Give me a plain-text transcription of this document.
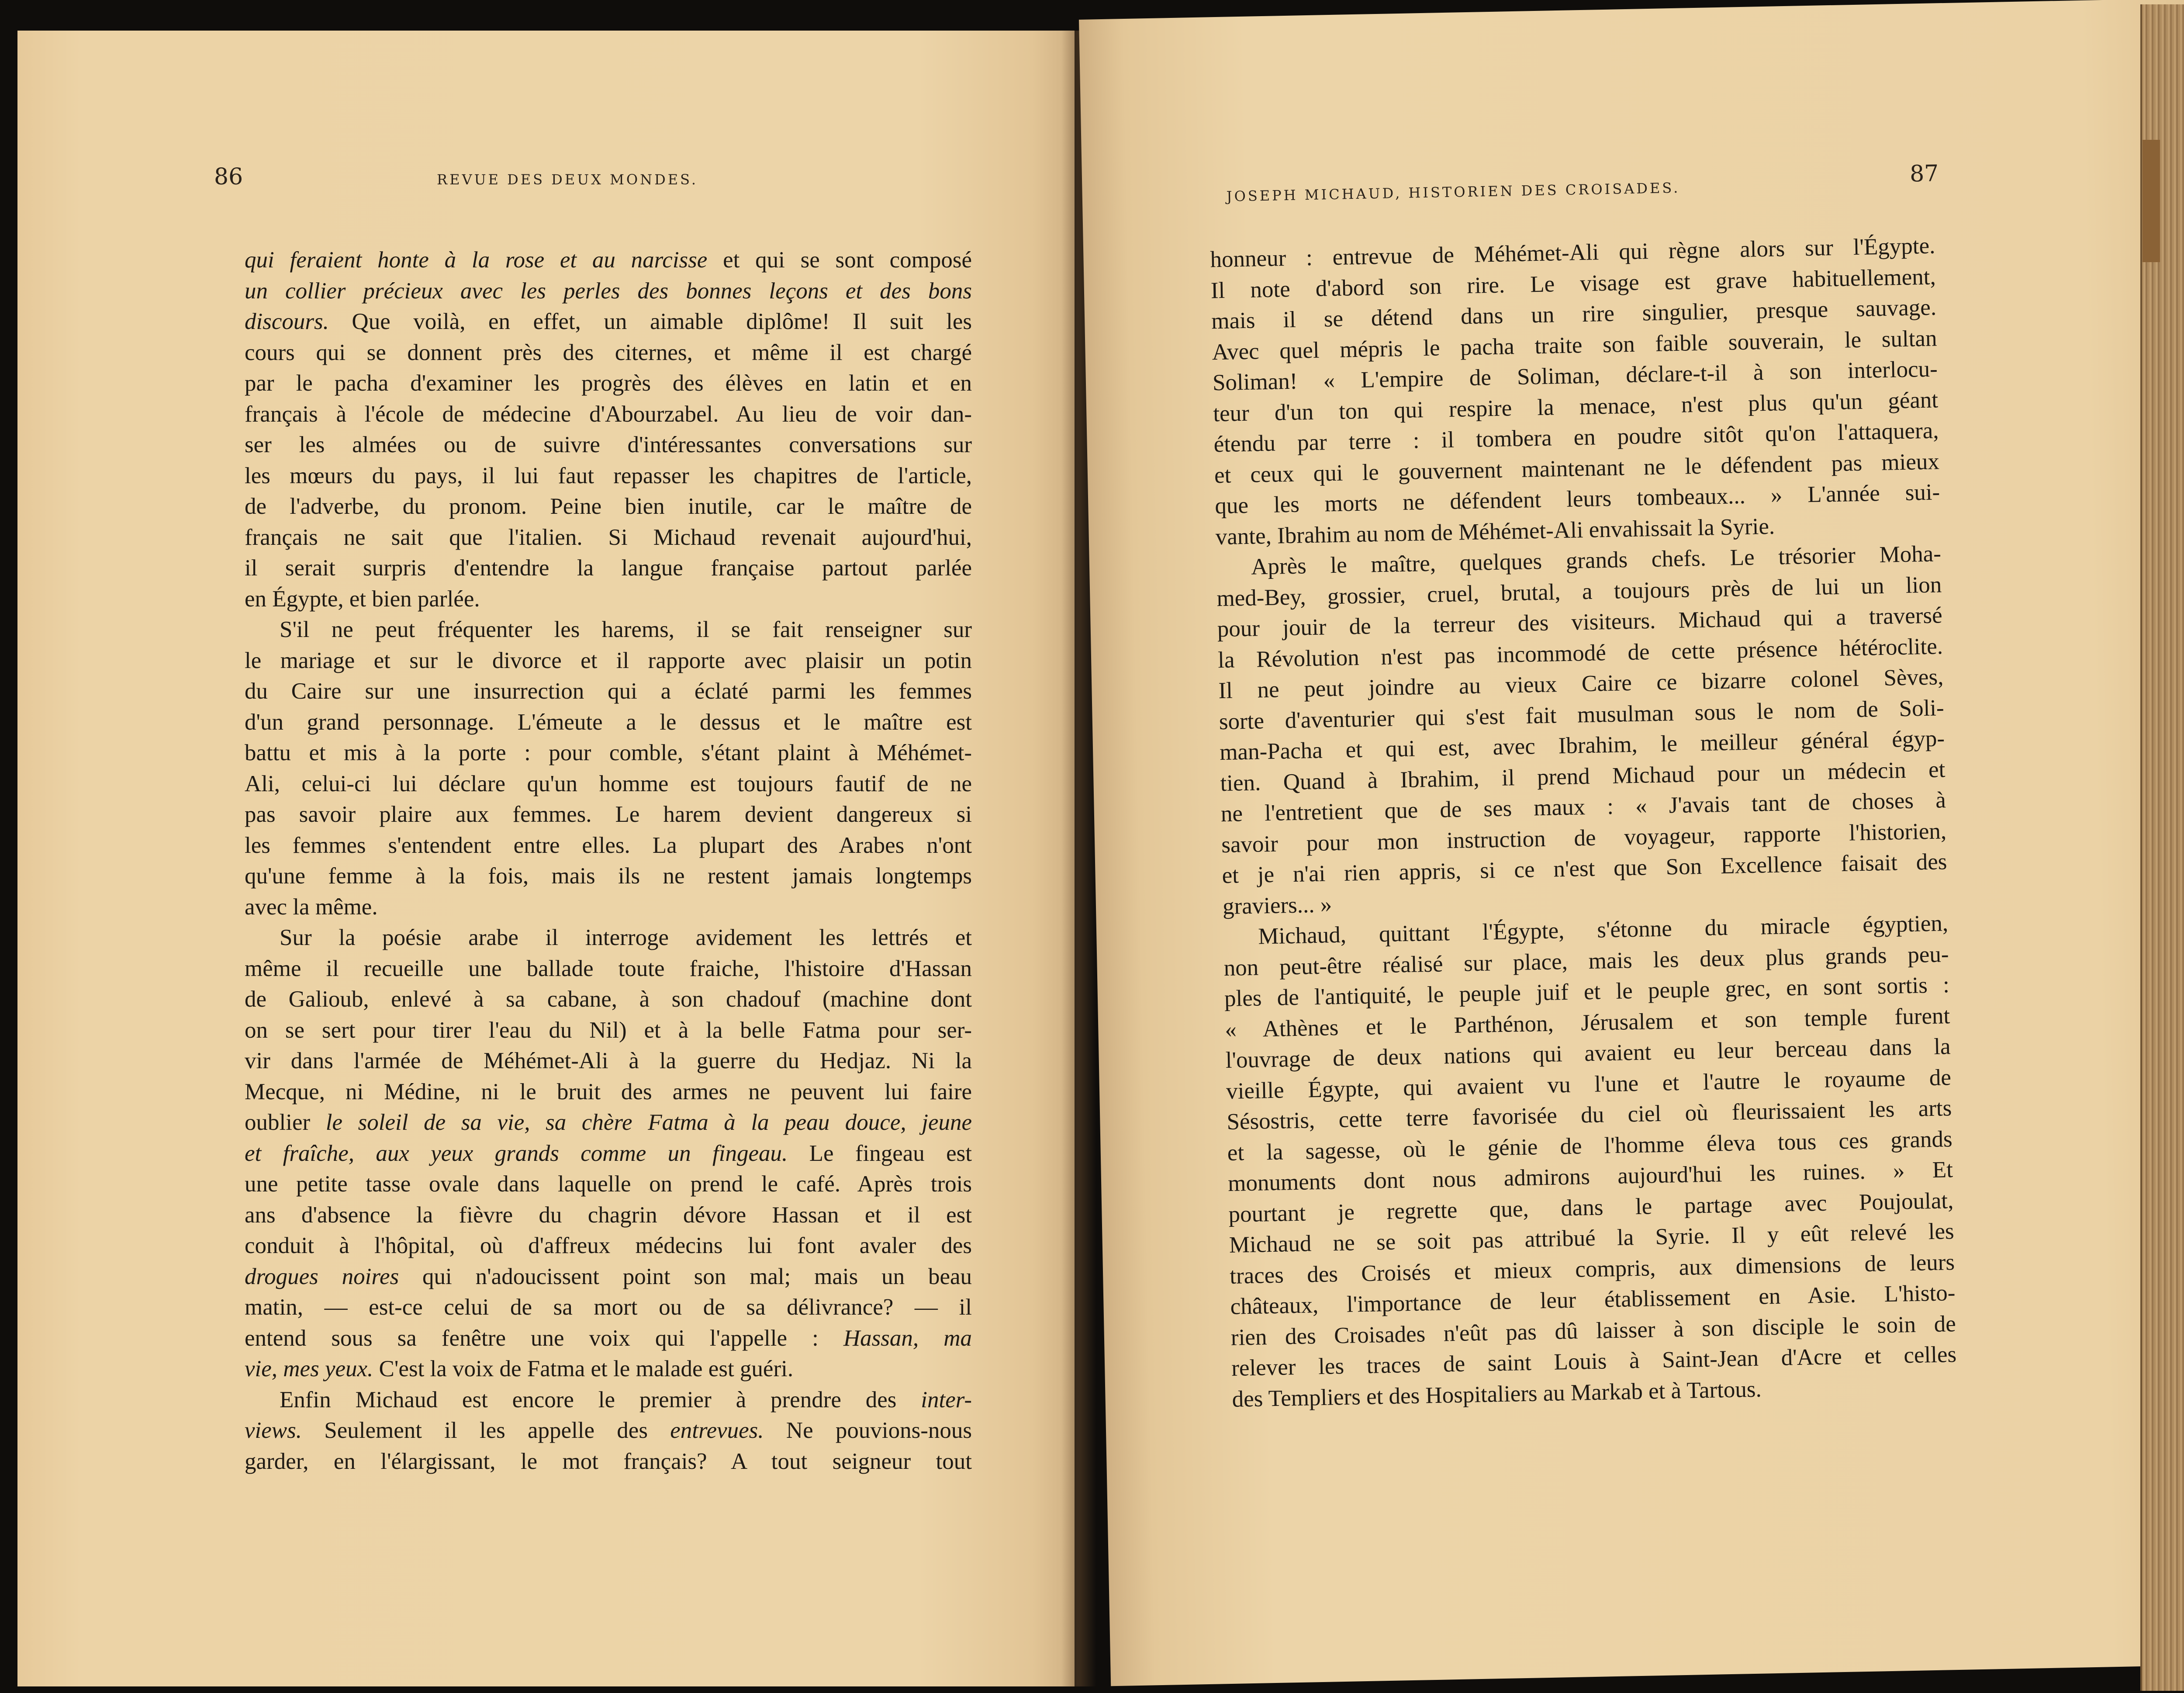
86	REVUE DES DEUX MONDES.
qui feraient honte à la rose et au narcisse et qui se sont composé
un collier précieux avec les perles des bonnes leçons et des bons
discours. Que voilà, en effet, un aimable diplôme! Il suit les
cours qui se donnent près des citernes, et même il est chargé
par le pacha d'examiner les progrès des élèves en latin et en
français à l'école de médecine d'Abourzabel. Au lieu de voir dan-
ser les almées ou de suivre d'intéressantes conversations sur
les mœurs du pays, il lui faut repasser les chapitres de l'article,
de l'adverbe, du pronom. Peine bien inutile, car le maître de
français ne sait que l'italien. Si Michaud revenait aujourd'hui,
il serait surpris d'entendre la langue française partout parlée
en Égypte, et bien parlée.
S'il ne peut fréquenter les harems, il se fait renseigner sur
le mariage et sur le divorce et il rapporte avec plaisir un potin
du Caire sur une insurrection qui a éclaté parmi les femmes
d'un grand personnage. L'émeute a le dessus et le maître est
battu et mis à la porte : pour comble, s'étant plaint à Méhémet-
Ali, celui-ci lui déclare qu'un homme est toujours fautif de ne
pas savoir plaire aux femmes. Le harem devient dangereux si
les femmes s'entendent entre elles. La plupart des Arabes n'ont
qu'une femme à la fois, mais ils ne restent jamais longtemps
avec la même.
Sur la poésie arabe il interroge avidement les lettrés et
même il recueille une ballade toute fraiche, l'histoire d'Hassan
de Galioub, enlevé à sa cabane, à son chadouf (machine dont
on se sert pour tirer l'eau du Nil) et à la belle Fatma pour ser-
vir dans l'armée de Méhémet-Ali à la guerre du Hedjaz. Ni la
Mecque, ni Médine, ni le bruit des armes ne peuvent lui faire
oublier le soleil de sa vie, sa chère Fatma à la peau douce, jeune
et fraîche, aux yeux grands comme un fingeau. Le fingeau est
une petite tasse ovale dans laquelle on prend le café. Après trois
ans d'absence la fièvre du chagrin dévore Hassan et il est
conduit à l'hôpital, où d'affreux médecins lui font avaler des
drogues noires qui n'adoucissent point son mal; mais un beau
matin, — est-ce celui de sa mort ou de sa délivrance? — il
entend sous sa fenêtre une voix qui l'appelle : Hassan, ma
vie, mes yeux. C'est la voix de Fatma et le malade est guéri.
Enfin Michaud est encore le premier à prendre des inter-
views. Seulement il les appelle des entrevues. Ne pouvions-nous
garder, en l'élargissant, le mot français? A tout seigneur tout
JOSEPH MICHAUD, HISTORIEN DES CROISADES.
87
honneur : entrevue de Méhémet-Ali qui règne alors sur l'Égypte.
Il note d'abord son rire. Le visage est grave habituellement,
mais il se détend dans un rire singulier, presque sauvage.
Avec quel mépris le pacha traite son faible souverain, le sultan
Soliman! « L'empire de Soliman, déclare-t-il à son interlocu-
teur d'un ton qui respire la menace, n'est plus qu'un géant
étendu par terre : il tombera en poudre sitôt qu'on l'attaquera,
et ceux qui le gouvernent maintenant ne le défendent pas mieux
que les morts ne défendent leurs tombeaux... » L'année sui-
vante, Ibrahim au nom de Méhémet-Ali envahissait la Syrie.
Après le maître, quelques grands chefs. Le trésorier Moha-
med-Bey, grossier, cruel, brutal, a toujours près de lui un lion
pour jouir de la terreur des visiteurs. Michaud qui a traversé
la Révolution n'est pas incommodé de cette présence hétéroclite.
Il ne peut joindre au vieux Caire ce bizarre colonel Sèves,
sorte d'aventurier qui s'est fait musulman sous le nom de Soli-
man-Pacha et qui est, avec Ibrahim, le meilleur général égyp-
tien. Quand à Ibrahim, il prend Michaud pour un médecin et
ne l'entretient que de ses maux : « J'avais tant de choses à
savoir pour mon instruction de voyageur, rapporte l'historien,
et je n'ai rien appris, si ce n'est que Son Excellence faisait des
graviers... »
Michaud, quittant l'Égypte, s'étonne du miracle égyptien,
non peut-être réalisé sur place, mais les deux plus grands peu-
ples de l'antiquité, le peuple juif et le peuple grec, en sont sortis :
« Athènes et le Parthénon, Jérusalem et son temple furent
l'ouvrage de deux nations qui avaient eu leur berceau dans la
vieille Égypte, qui avaient vu l'une et l'autre le royaume de
Sésostris, cette terre favorisée du ciel où fleurissaient les arts
et la sagesse, où le génie de l'homme éleva tous ces grands
monuments dont nous admirons aujourd'hui les ruines. » Et
pourtant je regrette que, dans le partage avec Poujoulat,
Michaud ne se soit pas attribué la Syrie. Il y eût relevé les
traces des Croisés et mieux compris, aux dimensions de leurs
châteaux, l'importance de leur établissement en Asie. L'histo-
rien des Croisades n'eût pas dû laisser à son disciple le soin de
relever les traces de saint Louis à Saint-Jean d'Acre et celles
des Templiers et des Hospitaliers au Markab et à Tartous.
